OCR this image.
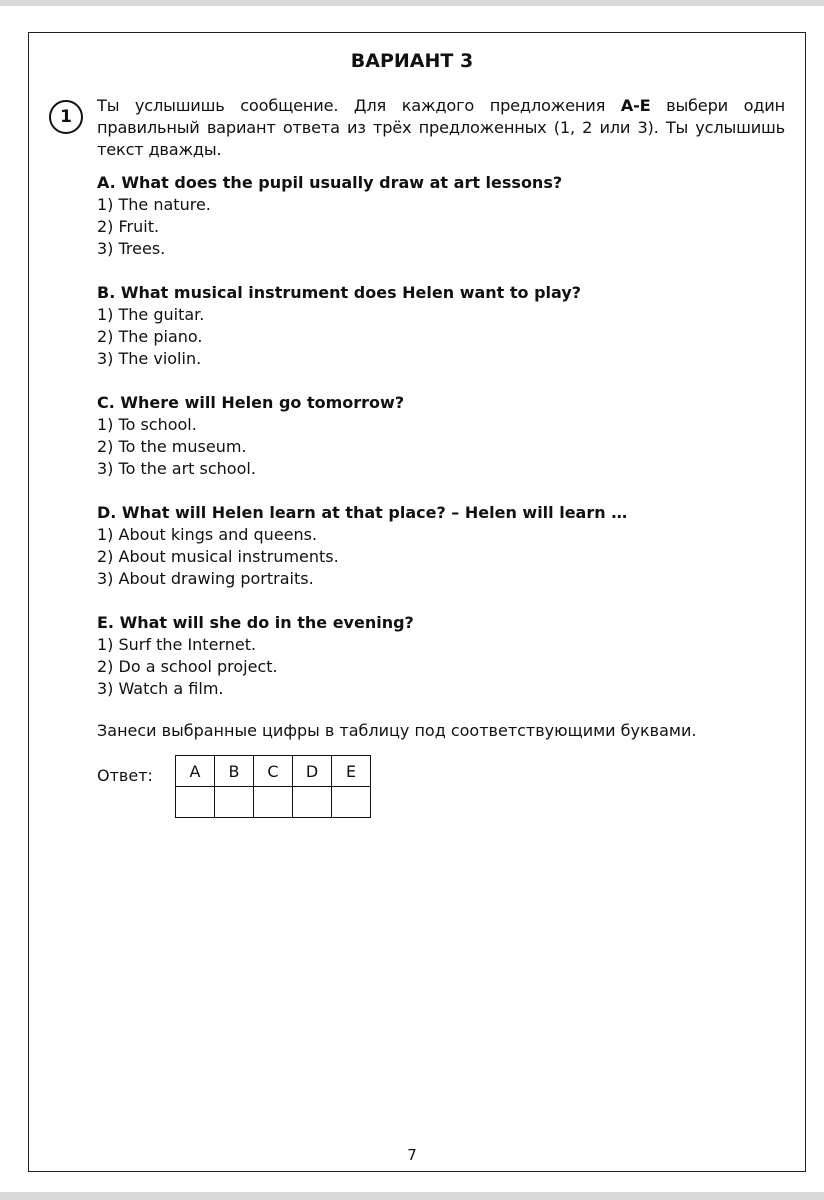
ВАРИАНТ 3
1
Ты услышишь сообщение. Для каждого предложения A-E выбери один правильный вариант ответа из трёх предложенных (1, 2 или 3). Ты услышишь текст дважды.
A. What does the pupil usually draw at art lessons?
1) The nature.
2) Fruit.
3) Trees.
B. What musical instrument does Helen want to play?
1) The guitar.
2) The piano.
3) The violin.
C. Where will Helen go tomorrow?
1) To school.
2) To the museum.
3) To the art school.
D. What will Helen learn at that place? – Helen will learn …
1) About kings and queens.
2) About musical instruments.
3) About drawing portraits.
E. What will she do in the evening?
1) Surf the Internet.
2) Do a school project.
3) Watch a film.
Занеси выбранные цифры в таблицу под соответствующими буквами.
Ответ: A	B	C	D	E

7
